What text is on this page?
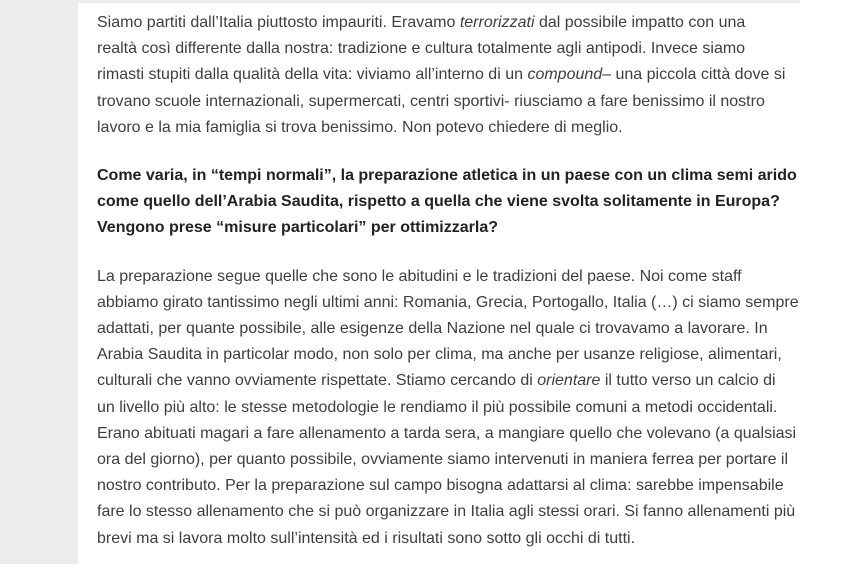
Siamo partiti dall’Italia piuttosto impauriti. Eravamo terrorizzati dal possibile impatto con una
realtà così differente dalla nostra: tradizione e cultura totalmente agli antipodi. Invece siamo
rimasti stupiti dalla qualità della vita: viviamo all’interno di un compound– una piccola città dove si
trovano scuole internazionali, supermercati, centri sportivi- riusciamo a fare benissimo il nostro
lavoro e la mia famiglia si trova benissimo. Non potevo chiedere di meglio.

Come varia, in “tempi normali”, la preparazione atletica in un paese con un clima semi arido
come quello dell’Arabia Saudita, rispetto a quella che viene svolta solitamente in Europa?
Vengono prese “misure particolari” per ottimizzarla?

La preparazione segue quelle che sono le abitudini e le tradizioni del paese. Noi come staff
abbiamo girato tantissimo negli ultimi anni: Romania, Grecia, Portogallo, Italia (…) ci siamo sempre
adattati, per quante possibile, alle esigenze della Nazione nel quale ci trovavamo a lavorare. In
Arabia Saudita in particolar modo, non solo per clima, ma anche per usanze religiose, alimentari,
culturali che vanno ovviamente rispettate. Stiamo cercando di orientare il tutto verso un calcio di
un livello più alto: le stesse metodologie le rendiamo il più possibile comuni a metodi occidentali.
Erano abituati magari a fare allenamento a tarda sera, a mangiare quello che volevano (a qualsiasi
ora del giorno), per quanto possibile, ovviamente siamo intervenuti in maniera ferrea per portare il
nostro contributo. Per la preparazione sul campo bisogna adattarsi al clima: sarebbe impensabile
fare lo stesso allenamento che si può organizzare in Italia agli stessi orari. Si fanno allenamenti più
brevi ma si lavora molto sull’intensità ed i risultati sono sotto gli occhi di tutti.
